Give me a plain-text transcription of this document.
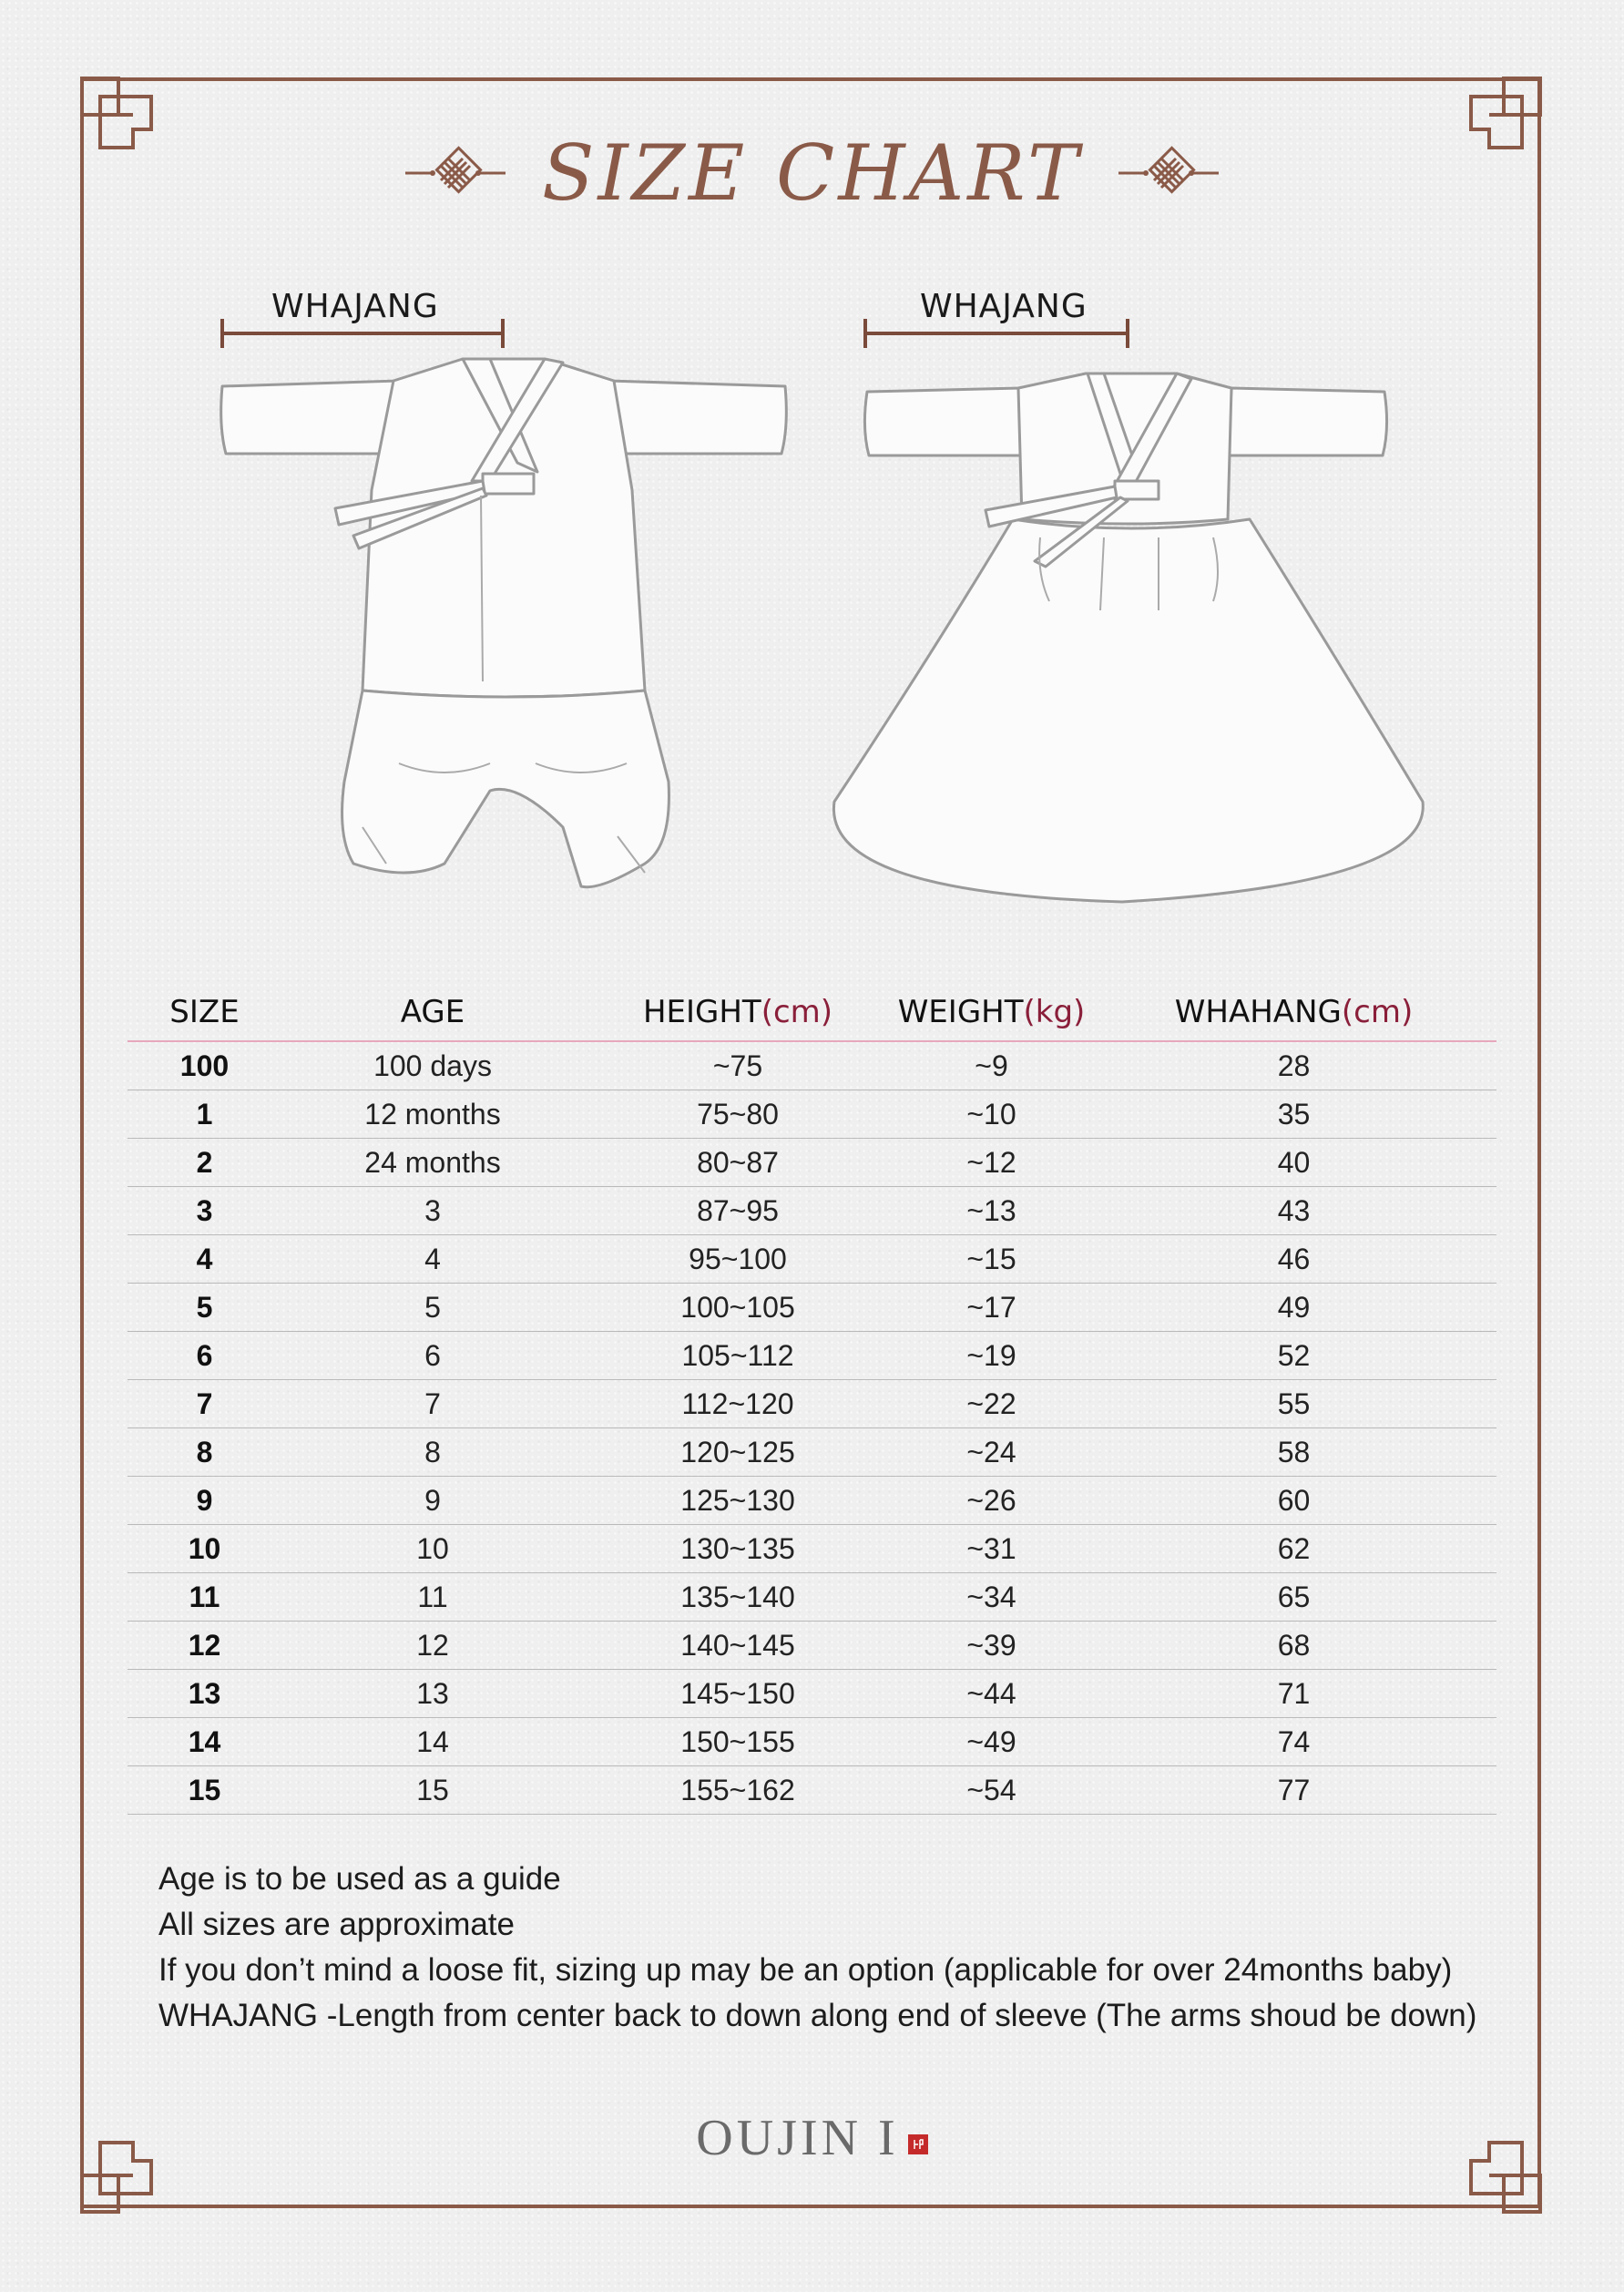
SIZE CHART
WHAJANG	WHAJANG
SIZE	AGE	HEIGHT(cm)	WEIGHT(kg)	WHAHANG(cm)
100	100 days	~75	~9	28
1	12 months	75~80	~10	35
2	24 months	80~87	~12	40
3	3	87~95	~13	43
4	4	95~100	~15	46
5	5	100~105	~17	49
6	6	105~112	~19	52
7	7	112~120	~22	55
8	8	120~125	~24	58
9	9	125~130	~26	60
10	10	130~135	~31	62
11	11	135~140	~34	65
12	12	140~145	~39	68
13	13	145~150	~44	71
14	14	150~155	~49	74
15	15	155~162	~54	77
Age is to be used as a guide
All sizes are approximate
If you don’t mind a loose fit, sizing up may be an option (applicable for over 24months baby)
WHAJANG -Length from center back to down along end of sleeve (The arms shoud be down)
OUJIN I
